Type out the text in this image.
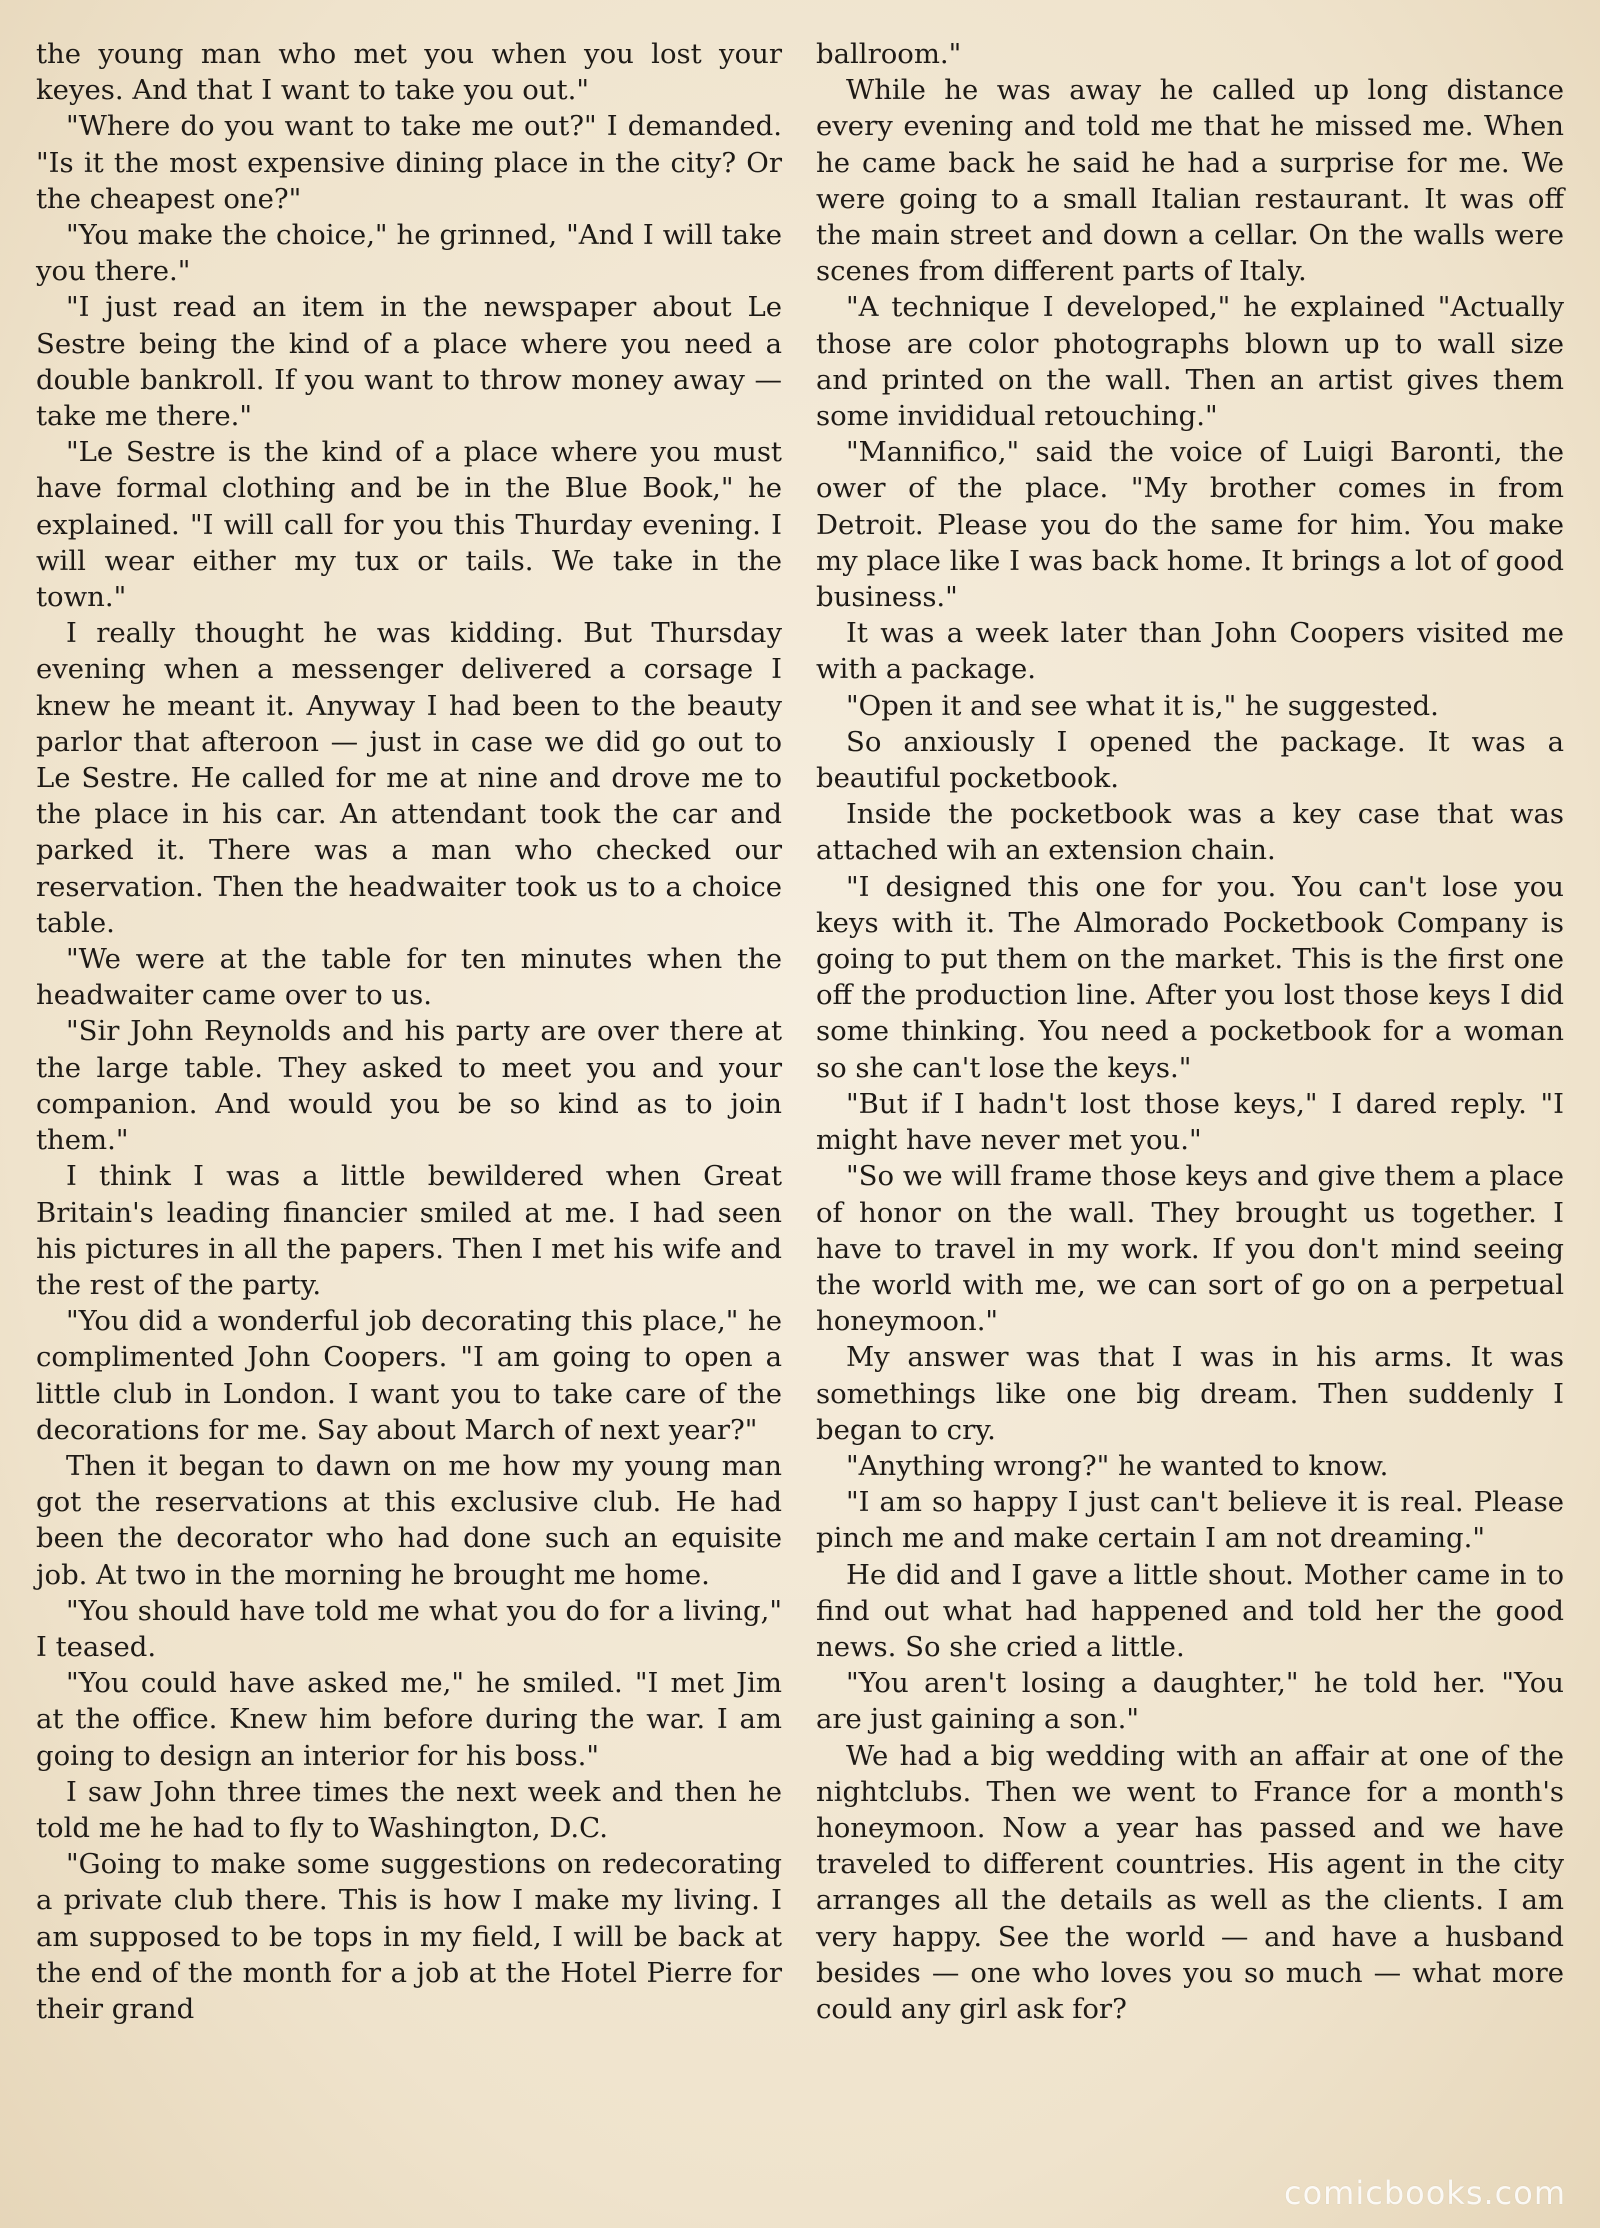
the young man who met you when you lost your keyes. And that I want to take you out."

"Where do you want to take me out?" I demanded. "Is it the most expensive dining place in the city? Or the cheapest one?"

"You make the choice," he grinned, "And I will take you there."

"I just read an item in the newspaper about Le Sestre being the kind of a place where you need a double bankroll. If you want to throw money away — take me there."

"Le Sestre is the kind of a place where you must have formal clothing and be in the Blue Book," he explained. "I will call for you this Thurday evening. I will wear either my tux or tails. We take in the town."

I really thought he was kidding. But Thursday evening when a messenger delivered a corsage I knew he meant it. Anyway I had been to the beauty parlor that afteroon — just in case we did go out to Le Sestre. He called for me at nine and drove me to the place in his car. An attendant took the car and parked it. There was a man who checked our reservation. Then the headwaiter took us to a choice table.

"We were at the table for ten minutes when the headwaiter came over to us.

"Sir John Reynolds and his party are over there at the large table. They asked to meet you and your companion. And would you be so kind as to join them."

I think I was a little bewildered when Great Britain's leading financier smiled at me. I had seen his pictures in all the papers. Then I met his wife and the rest of the party.

"You did a wonderful job decorating this place," he complimented John Coopers. "I am going to open a little club in London. I want you to take care of the decorations for me. Say about March of next year?"

Then it began to dawn on me how my young man got the reservations at this exclusive club. He had been the decorator who had done such an equisite job. At two in the morning he brought me home.

"You should have told me what you do for a living," I teased.

"You could have asked me," he smiled. "I met Jim at the office. Knew him before during the war. I am going to design an interior for his boss."

I saw John three times the next week and then he told me he had to fly to Washington, D.C.

"Going to make some suggestions on redecorating a private club there. This is how I make my living. I am supposed to be tops in my field, I will be back at the end of the month for a job at the Hotel Pierre for their grand

ballroom."

While he was away he called up long distance every evening and told me that he missed me. When he came back he said he had a surprise for me. We were going to a small Italian restaurant. It was off the main street and down a cellar. On the walls were scenes from different parts of Italy.

"A technique I developed," he explained "Actually those are color photographs blown up to wall size and printed on the wall. Then an artist gives them some invididual retouching."

"Mannifico," said the voice of Luigi Baronti, the ower of the place. "My brother comes in from Detroit. Please you do the same for him. You make my place like I was back home. It brings a lot of good business."

It was a week later than John Coopers visited me with a package.

"Open it and see what it is," he suggested.

So anxiously I opened the package. It was a beautiful pocketbook.

Inside the pocketbook was a key case that was attached wih an extension chain.

"I designed this one for you. You can't lose you keys with it. The Almorado Pocketbook Company is going to put them on the market. This is the first one off the production line. After you lost those keys I did some thinking. You need a pocketbook for a woman so she can't lose the keys."

"But if I hadn't lost those keys," I dared reply. "I might have never met you."

"So we will frame those keys and give them a place of honor on the wall. They brought us together. I have to travel in my work. If you don't mind seeing the world with me, we can sort of go on a perpetual honeymoon."

My answer was that I was in his arms. It was somethings like one big dream. Then suddenly I began to cry.

"Anything wrong?" he wanted to know.

"I am so happy I just can't believe it is real. Please pinch me and make certain I am not dreaming."

He did and I gave a little shout. Mother came in to find out what had happened and told her the good news. So she cried a little.

"You aren't losing a daughter," he told her. "You are just gaining a son."

We had a big wedding with an affair at one of the nightclubs. Then we went to France for a month's honeymoon. Now a year has passed and we have traveled to different countries. His agent in the city arranges all the details as well as the clients. I am very happy. See the world — and have a husband besides — one who loves you so much — what more could any girl ask for?

comicbooks.com
